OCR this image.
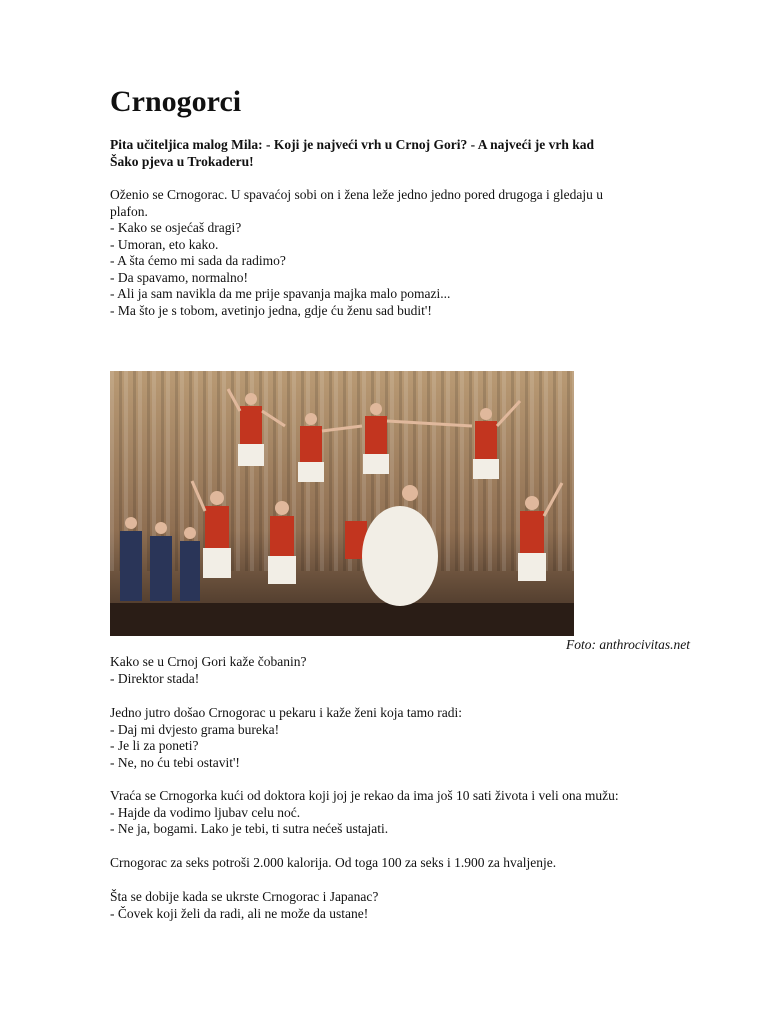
Crnogorci

Pita učiteljica malog Mila: - Koji je najveći vrh u Crnoj Gori? - A najveći je vrh kad

Šako pjeva u Trokaderu!

Oženio se Crnogorac. U spavaćoj sobi on i žena leže jedno jedno pored drugoga i gledaju u

plafon.

- Kako se osjećaš dragi?

- Umoran, eto kako.

- A šta ćemo mi sada da radimo?

- Da spavamo, normalno!

- Ali ja sam navikla da me prije spavanja majka malo pomazi...

- Ma što je s tobom, avetinjo jedna, gdje ću ženu sad budit'!

Foto: anthrocivitas.net

Kako se u Crnoj Gori kaže čobanin?

- Direktor stada!

Jedno jutro došao Crnogorac u pekaru i kaže ženi koja tamo radi:

- Daj mi dvjesto grama bureka!

- Je li za poneti?

- Ne, no ću tebi ostavit'!

Vraća se Crnogorka kući od doktora koji joj je rekao da ima još 10 sati života i veli ona mužu:

- Hajde da vodimo ljubav celu noć.

- Ne ja, bogami. Lako je tebi, ti sutra nećeš ustajati.

Crnogorac za seks potroši 2.000 kalorija. Od toga 100 za seks i 1.900 za hvaljenje.

Šta se dobije kada se ukrste Crnogorac i Japanac?

- Čovek koji želi da radi, ali ne može da ustane!
